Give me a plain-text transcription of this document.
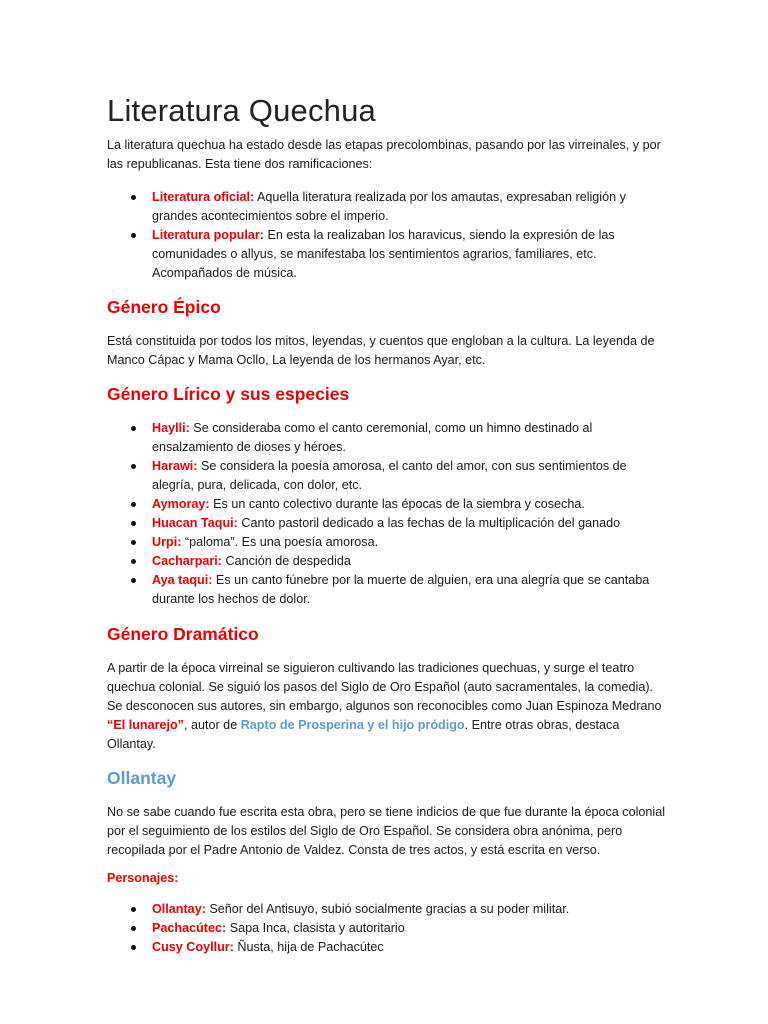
Literatura Quechua

La literatura quechua ha estado desde las etapas precolombinas, pasando por las virreinales, y por las republicanas. Esta tiene dos ramificaciones:

Literatura oficial: Aquella literatura realizada por los amautas, expresaban religión y grandes acontecimientos sobre el imperio.
Literatura popular: En esta la realizaban los haravicus, siendo la expresión de las comunidades o allyus, se manifestaba los sentimientos agrarios, familiares, etc. Acompañados de música.
Género Épico

Está constituida por todos los mitos, leyendas, y cuentos que engloban a la cultura. La leyenda de Manco Cápac y Mama Ocllo, La leyenda de los hermanos Ayar, etc.

Género Lírico y sus especies
Haylli: Se consideraba como el canto ceremonial, como un himno destinado al ensalzamiento de dioses y héroes.
Harawi: Se considera la poesía amorosa, el canto del amor, con sus sentimientos de alegría, pura, delicada, con dolor, etc.
Aymoray: Es un canto colectivo durante las épocas de la siembra y cosecha.
Huacan Taqui: Canto pastoril dedicado a las fechas de la multiplicación del ganado
Urpi: “paloma”. Es una poesía amorosa.
Cacharpari: Canción de despedida
Aya taqui: Es un canto fúnebre por la muerte de alguien, era una alegría que se cantaba durante los hechos de dolor.
Género Dramático

A partir de la época virreinal se siguieron cultivando las tradiciones quechuas, y surge el teatro quechua colonial. Se siguió los pasos del Siglo de Oro Español (auto sacramentales, la comedia). Se desconocen sus autores, sin embargo, algunos son reconocibles como Juan Espinoza Medrano “El lunarejo”, autor de Rapto de Prosperina y el hijo pródigo. Entre otras obras, destaca Ollantay.

Ollantay

No se sabe cuando fue escrita esta obra, pero se tiene indicios de que fue durante la época colonial por el seguimiento de los estilos del Siglo de Oro Español. Se considera obra anónima, pero recopilada por el Padre Antonio de Valdez. Consta de tres actos, y está escrita en verso.

Personajes:

Ollantay: Señor del Antisuyo, subió socialmente gracias a su poder militar.
Pachacútec: Sapa Inca, clasista y autoritario
Cusy Coyllur: Ñusta, hija de Pachacútec
